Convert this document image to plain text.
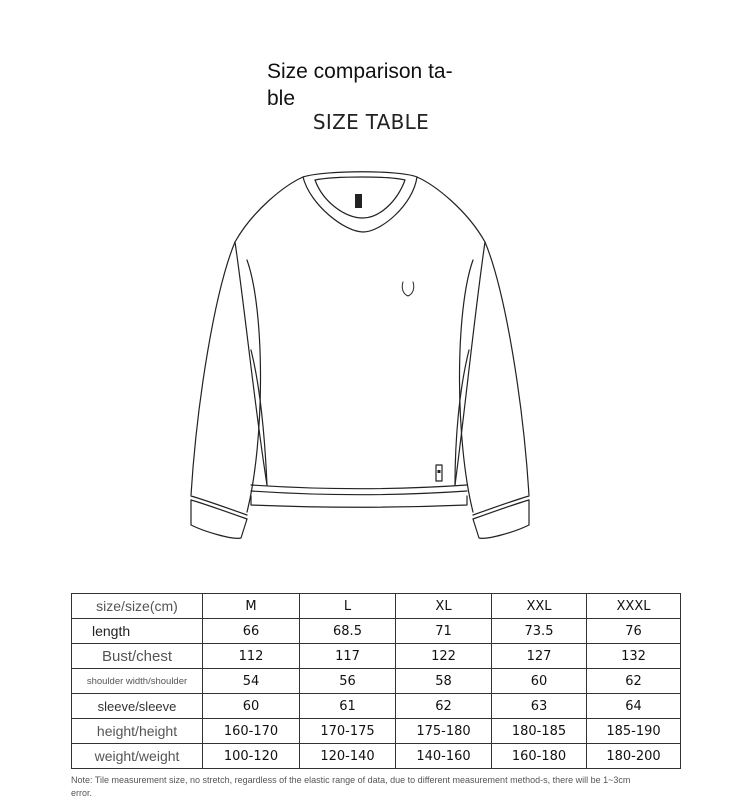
Size comparison ta-ble
SIZE TABLE
size/size(cm)	M	L	XL	XXL	XXXL
length	66	68.5	71	73.5	76
Bust/chest	112	117	122	127	132
shoulder width/shoulder	54	56	58	60	62
sleeve/sleeve	60	61	62	63	64
height/height	160-170	170-175	175-180	180-185	185-190
weight/weight	100-120	120-140	140-160	160-180	180-200
Note: Tile measurement size, no stretch, regardless of the elastic range of data, due to different measurement method-s, there will be 1~3cm error.
